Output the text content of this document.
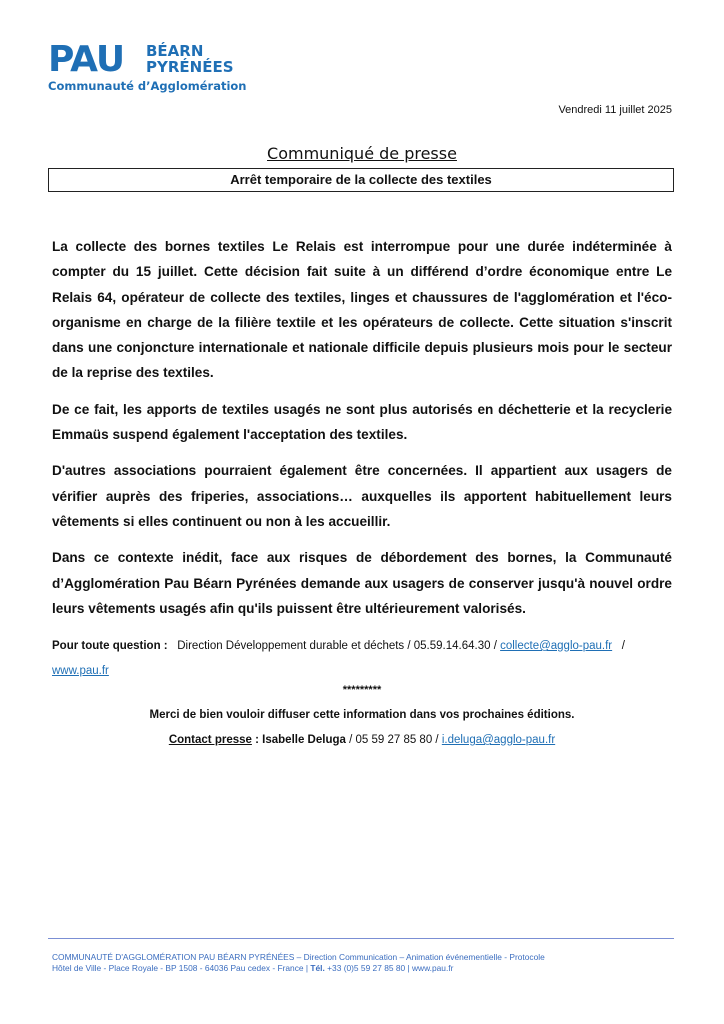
PAU BÉARN
PYRÉNÉES
Communauté d’Agglomération
Vendredi 11 juillet 2025
Communiqué de presse
Arrêt temporaire de la collecte des textiles

La collecte des bornes textiles Le Relais est interrompue pour une durée indéterminée à compter du 15 juillet. Cette décision fait suite à un différend d’ordre économique entre Le Relais 64, opérateur de collecte des textiles, linges et chaussures de l'agglomération et l'éco-organisme en charge de la filière textile et les opérateurs de collecte. Cette situation s'inscrit dans une conjoncture internationale et nationale difficile depuis plusieurs mois pour le secteur de la reprise des textiles.

De ce fait, les apports de textiles usagés ne sont plus autorisés en déchetterie et la recyclerie Emmaüs suspend également l'acceptation des textiles.

D'autres associations pourraient également être concernées. Il appartient aux usagers de vérifier auprès des friperies, associations… auxquelles ils apportent habituellement leurs vêtements si elles continuent ou non à les accueillir.

Dans ce contexte inédit, face aux risques de débordement des bornes, la Communauté d’Agglomération Pau Béarn Pyrénées demande aux usagers de conserver jusqu'à nouvel ordre leurs vêtements usagés afin qu'ils puissent être ultérieurement valorisés.

Pour toute question : Direction Développement durable et déchets / 05.59.14.64.30 / collecte@agglo-pau.fr /
www.pau.fr
*********
Merci de bien vouloir diffuser cette information dans vos prochaines éditions.
Contact presse : Isabelle Deluga / 05 59 27 85 80 / i.deluga@agglo-pau.fr
COMMUNAUTÉ D'AGGLOMÉRATION PAU BÉARN PYRÉNÉES – Direction Communication – Animation événementielle - Protocole
Hôtel de Ville - Place Royale - BP 1508 - 64036 Pau cedex - France | Tél. +33 (0)5 59 27 85 80 | www.pau.fr
